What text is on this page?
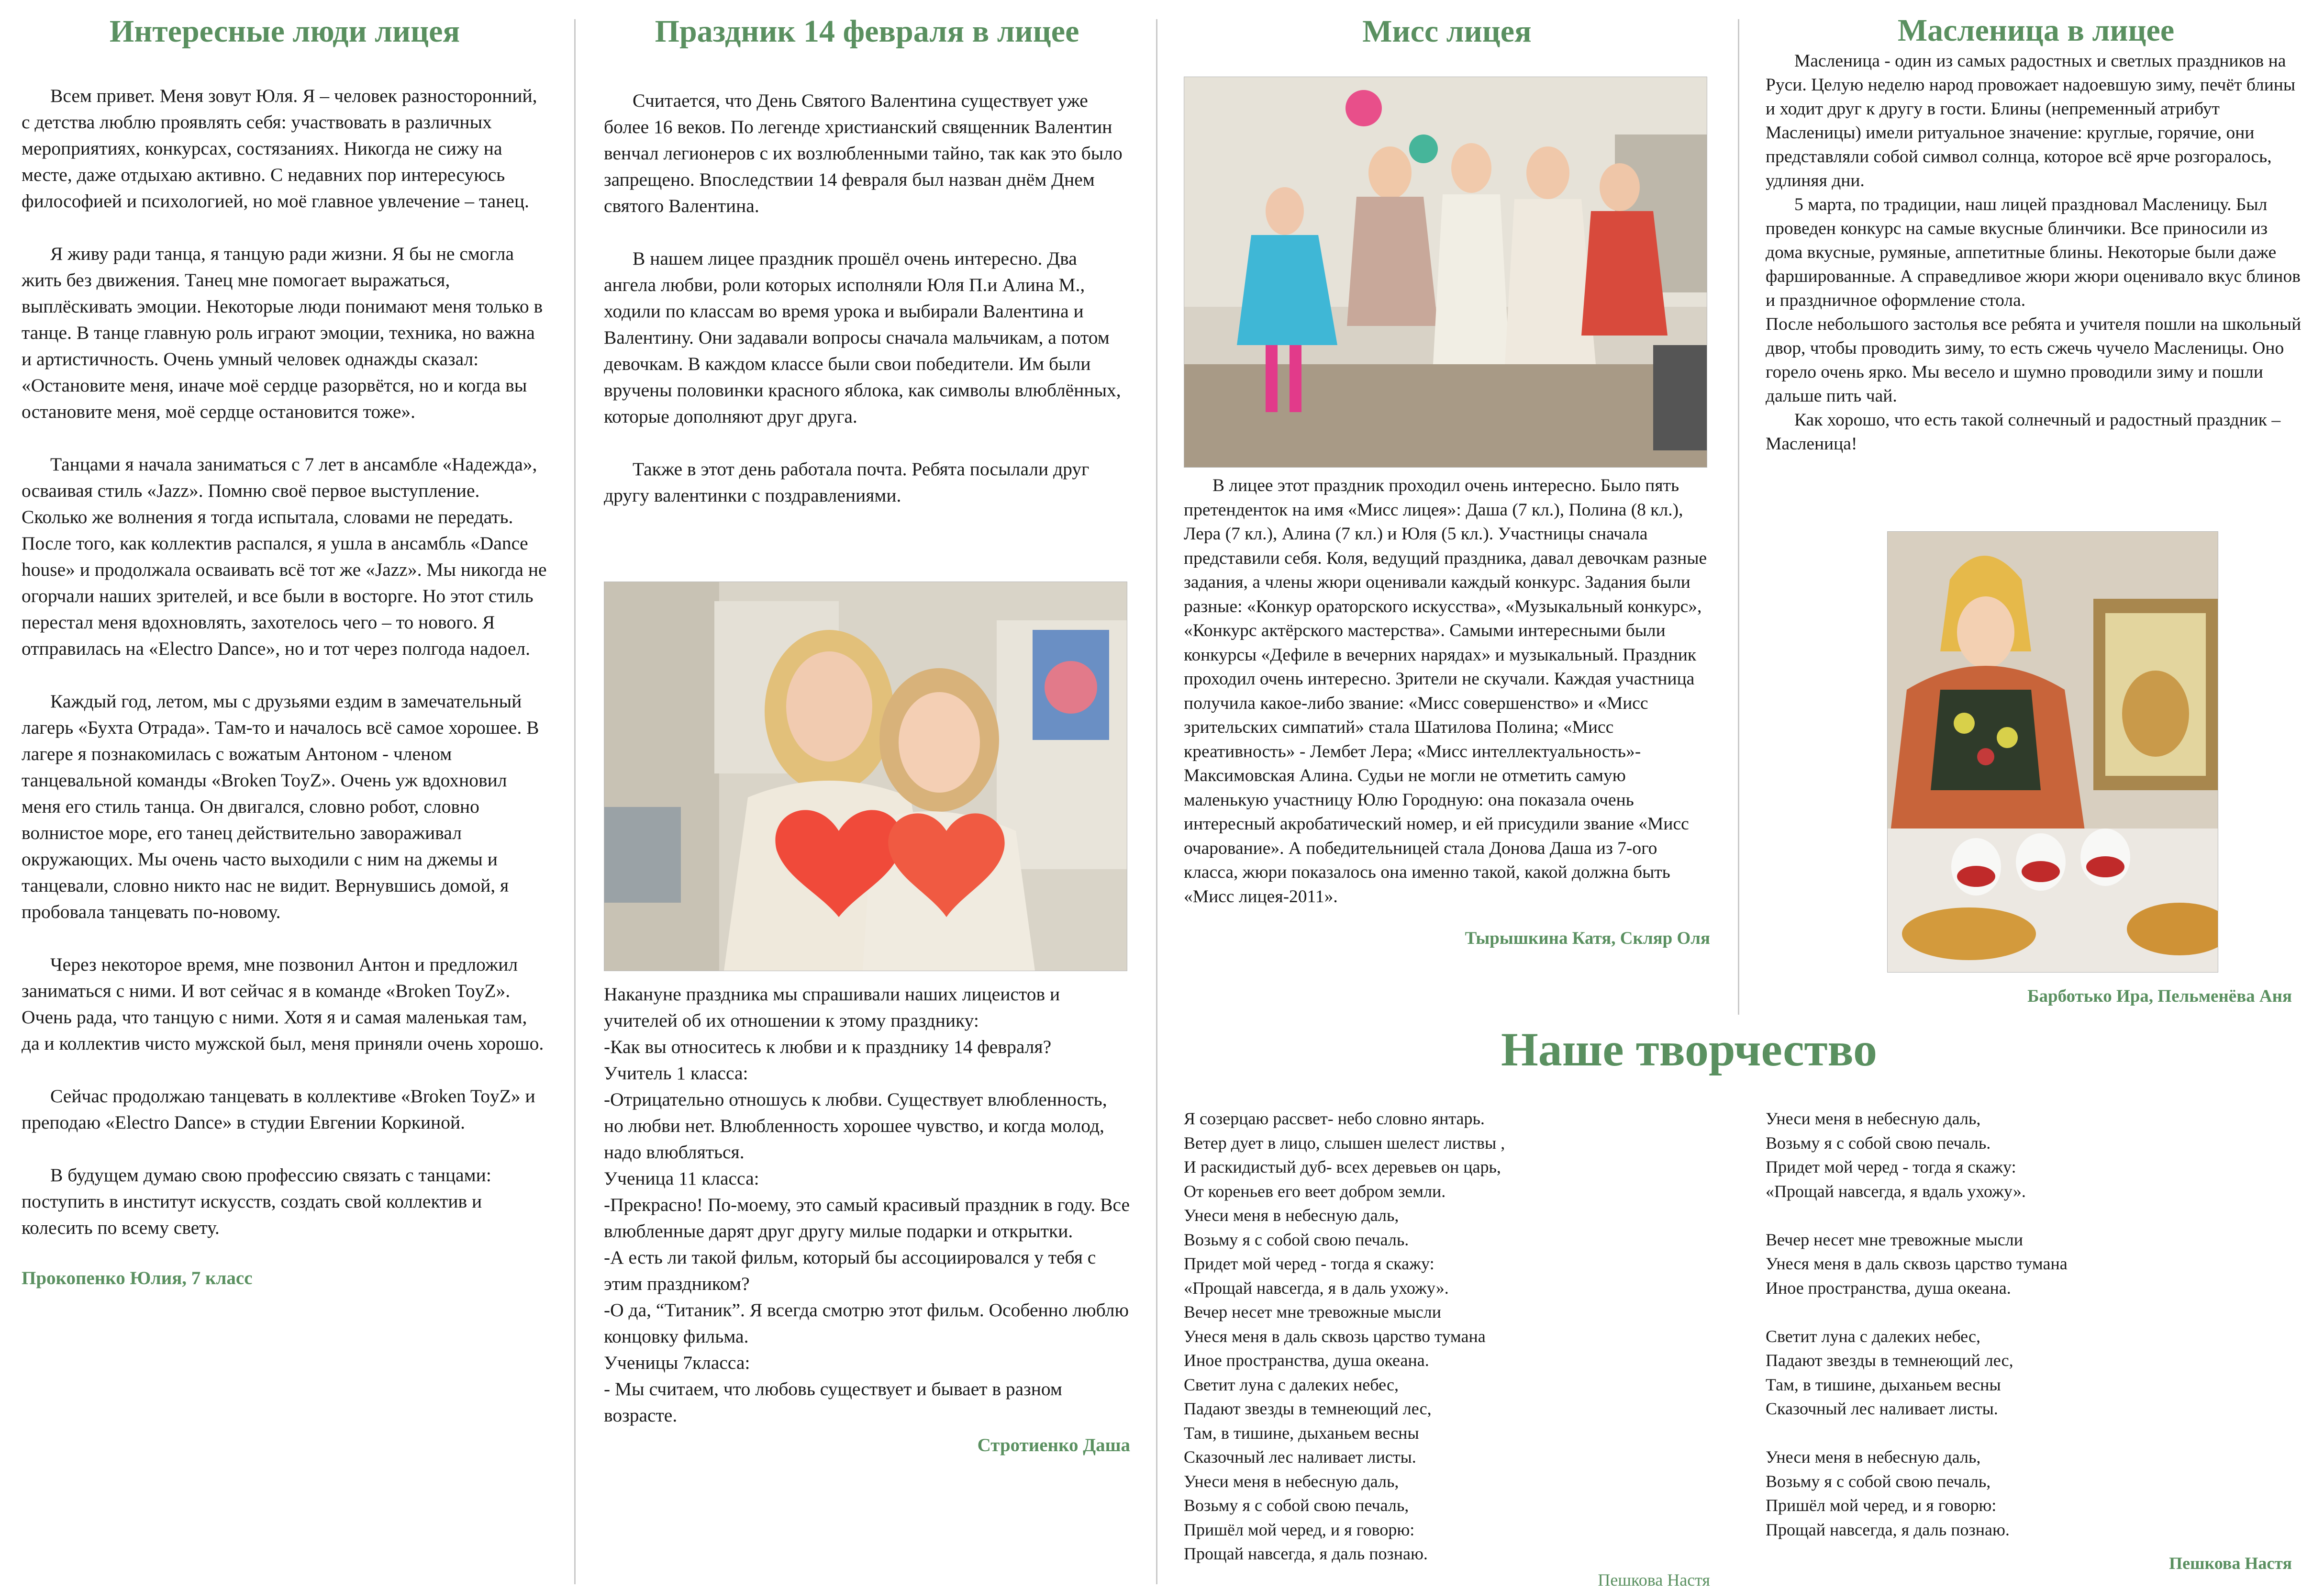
Интересные люди лицея

Всем привет. Меня зовут Юля. Я – человек разносторонний, с детства люблю проявлять себя: участвовать в различных мероприятиях, конкурсах, состязаниях. Никогда не сижу на месте, даже отдыхаю активно. С недавних пор интересуюсь философией и психологией, но моё главное увлечение – танец.

Я живу ради танца, я танцую ради жизни. Я бы не смогла жить без движения. Танец мне помогает выражаться, выплёскивать эмоции. Некоторые люди понимают меня только в танце. В танце главную роль играют эмоции, техника, но важна и артистичность. Очень умный человек однажды сказал: «Остановите меня, иначе моё сердце разорвётся, но и когда вы остановите меня, моё сердце остановится тоже».

Танцами я начала заниматься с 7 лет в ансамбле «Надежда», осваивая стиль «Jazz». Помню своё первое выступление. Сколько же волнения я тогда испытала, словами не передать. После того, как коллектив распался, я ушла в ансамбль «Dance house» и продолжала осваивать всё тот же «Jazz». Мы никогда не огорчали наших зрителей, и все были в восторге. Но этот стиль перестал меня вдохновлять, захотелось чего – то нового. Я отправилась на «Electro Dance», но и тот через полгода надоел.

Каждый год, летом, мы с друзьями ездим в замечательный лагерь «Бухта Отрада». Там-то и началось всё самое хорошее. В лагере я познакомилась с вожатым Антоном - членом танцевальной команды «Broken ToyZ». Очень уж вдохновил меня его стиль танца. Он двигался, словно робот, словно волнистое море, его танец действительно завораживал окружающих. Мы очень часто выходили с ним на джемы и танцевали, словно никто нас не видит. Вернувшись домой, я пробовала танцевать по-новому.

Через некоторое время, мне позвонил Антон и предложил заниматься с ними. И вот сейчас я в команде «Broken ToyZ». Очень рада, что танцую с ними. Хотя я и самая маленькая там, да и коллектив чисто мужской был, меня приняли очень хорошо.

Сейчас продолжаю танцевать в коллективе «Broken ToyZ» и преподаю «Electro Dance» в студии Евгении Коркиной.

В будущем думаю свою профессию связать с танцами: поступить в институт искусств, создать свой коллектив и колесить по всему свету.

Прокопенко Юлия, 7 класс
Праздник 14 февраля в лицее

Считается, что День Святого Валентина существует уже более 16 веков. По легенде христианский священник Валентин венчал легионеров с их возлюбленными тайно, так как это было запрещено. Впоследствии 14 февраля был назван днём Днем святого Валентина.

В нашем лицее праздник прошёл очень интересно. Два ангела любви, роли которых исполняли Юля П.и Алина М., ходили по классам во время урока и выбирали Валентина и Валентину. Они задавали вопросы сначала мальчикам, а потом девочкам. В каждом классе были свои победители. Им были вручены половинки красного яблока, как символы влюблённых, которые дополняют друг друга.

Также в этот день работала почта. Ребята посылали друг другу валентинки с поздравлениями.

Накануне праздника мы спрашивали наших лицеистов и учителей об их отношении к этому празднику:

-Как вы относитесь к любви и к празднику 14 февраля?

Учитель 1 класса:

-Отрицательно отношусь к любви. Существует влюбленность, но любви нет. Влюбленность хорошее чувство, и когда молод, надо влюбляться.

Ученица 11 класса:

-Прекрасно! По-моему, это самый красивый праздник в году. Все влюбленные дарят друг другу милые подарки и открытки.

-А есть ли такой фильм, который бы ассоциировался у тебя с этим праздником?

-О да, “Титаник”. Я всегда смотрю этот фильм. Особенно люблю концовку фильма.

Ученицы 7класса:

- Мы считаем, что любовь существует и бывает в разном возрасте.

Стротиенко Даша
Мисс лицея

В лицее этот праздник проходил очень интересно. Было пять претенденток на имя «Мисс лицея»: Даша (7 кл.), Полина (8 кл.), Лера (7 кл.), Алина (7 кл.) и Юля (5 кл.). Участницы сначала представили себя. Коля, ведущий праздника, давал девочкам разные задания, а члены жюри оценивали каждый конкурс. Задания были разные: «Конкур ораторского искусства», «Музыкальный конкурс», «Конкурс актёрского мастерства». Самыми интересными были конкурсы «Дефиле в вечерних нарядах» и музыкальный. Праздник проходил очень интересно. Зрители не скучали. Каждая участница получила какое-либо звание: «Мисс совершенство» и «Мисс зрительских симпатий» стала Шатилова Полина; «Мисс креативность» - Лембет Лера; «Мисс интеллектуальность»- Максимовская Алина. Судьи не могли не отметить самую маленькую участницу Юлю Городную: она показала очень интересный акробатический номер, и ей присудили звание «Мисс очарование». А победительницей стала Донова Даша из 7-ого класса, жюри показалось она именно такой, какой должна быть «Мисс лицея-2011».

Тырышкина Катя, Скляр Оля
Масленица в лицее

Масленица - один из самых радостных и светлых праздников на Руси. Целую неделю народ провожает надоевшую зиму, печёт блины и ходит друг к другу в гости. Блины (непременный атрибут Масленицы) имели ритуальное значение: круглые, горячие, они представляли собой символ солнца, которое всё ярче розгоралось, удлиняя дни.

5 марта, по традиции, наш лицей праздновал Масленицу. Был проведен конкурс на самые вкусные блинчики. Все приносили из дома вкусные, румяные, аппетитные блины. Некоторые были даже фаршированные. А справедливое жюри жюри оценивало вкус блинов и праздничное оформление стола.

После небольшого застолья все ребята и учителя пошли на школьный двор, чтобы проводить зиму, то есть сжечь чучело Масленицы. Оно горело очень ярко. Мы весело и шумно проводили зиму и пошли дальше пить чай.

Как хорошо, что есть такой солнечный и радостный праздник – Масленица!

Барботько Ира, Пельменёва Аня
Наше творчество

Я созерцаю рассвет- небо словно янтарь.
Ветер дует в лицо, слышен шелест листвы ,
И раскидистый дуб- всех деревьев он царь,
От кореньев его веет добром земли.
Унеси меня в небесную даль,
Возьму я с собой свою печаль.
Придет мой черед - тогда я скажу:
«Прощай навсегда, я в даль ухожу».
Вечер несет мне тревожные мысли
Унеся меня в даль сквозь царство тумана
Иное пространства, душа океана.
Светит луна с далеких небес,
Падают звезды в темнеющий лес,
Там, в тишине, дыханьем весны
Сказочный лес наливает листы.
Унеси меня в небесную даль,
Возьму я с собой свою печаль,
Пришёл мой черед, и я говорю:
Прощай навсегда, я даль познаю.

Пешкова Настя

Унеси меня в небесную даль,
Возьму я с собой свою печаль.
Придет мой черед - тогда я скажу:
«Прощай навсегда, я вдаль ухожу».

Вечер несет мне тревожные мысли
Унеся меня в даль сквозь царство тумана
Иное пространства, душа океана.

Светит луна с далеких небес,
Падают звезды в темнеющий лес,
Там, в тишине, дыханьем весны
Сказочный лес наливает листы.

Унеси меня в небесную даль,
Возьму я с собой свою печаль,
Пришёл мой черед, и я говорю:
Прощай навсегда, я даль познаю.

Пешкова Настя
